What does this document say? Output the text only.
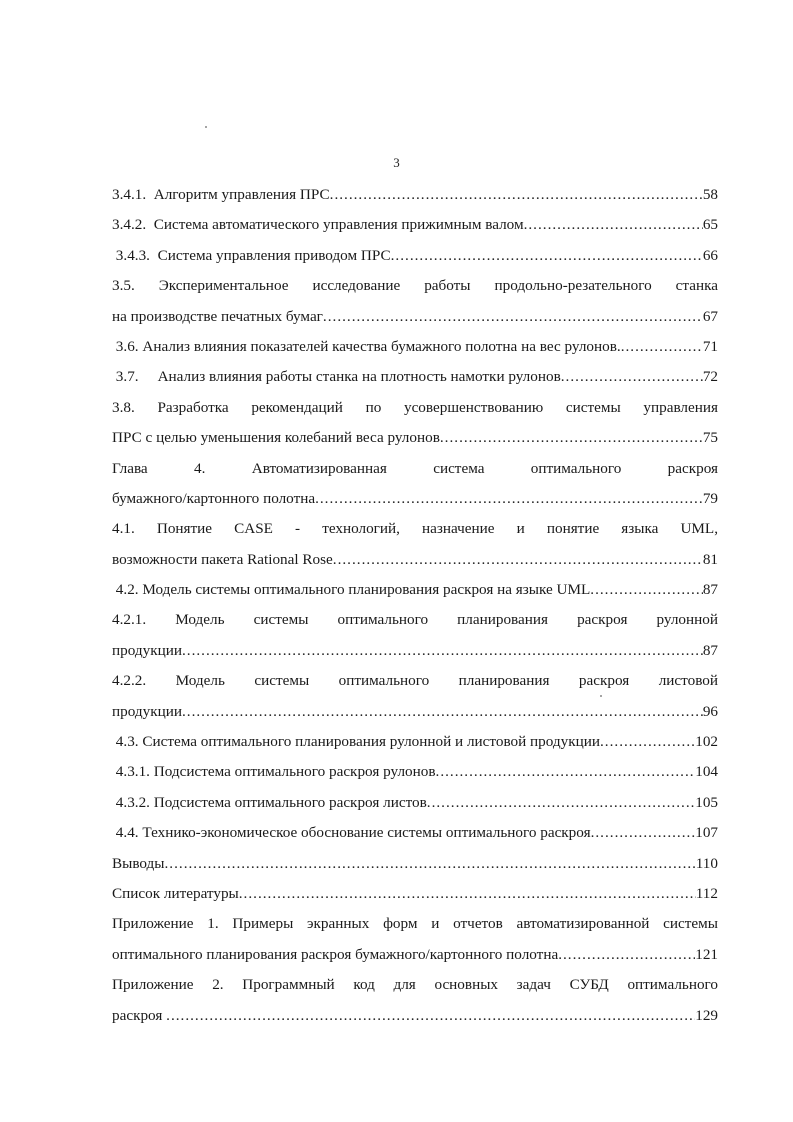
3
3.4.1.  Алгоритм управления ПРС .....	58
3.4.2.  Система автоматического управления прижимным валом .....	65
3.4.3.  Система управления приводом ПРС .....	66
3.5. Экспериментальное исследование работы продольно-резательного станка
на производстве печатных бумаг .....	67
3.6. Анализ влияния показателей качества бумажного полотна на вес рулонов. .....	71
3.7.     Анализ влияния работы станка на плотность намотки рулонов .....	72
3.8. Разработка рекомендаций по усовершенствованию системы управления
ПРС с целью уменьшения колебаний веса рулонов .....	75
Глава 4. Автоматизированная система оптимального раскроя
бумажного/картонного полотна .....	79
4.1. Понятие CASE - технологий, назначение и понятие языка UML,
возможности пакета Rational Rose .....	81
4.2. Модель системы оптимального планирования раскроя на языке UML .....	87
4.2.1. Модель системы оптимального планирования раскроя рулонной
продукции .....	87
4.2.2. Модель системы оптимального планирования раскроя листовой
продукции .....	96
4.3. Система оптимального планирования рулонной и листовой продукции .....	102
4.3.1. Подсистема оптимального раскроя рулонов .....	104
4.3.2. Подсистема оптимального раскроя листов .....	105
4.4. Технико-экономическое обоснование системы оптимального раскроя .....	107
Выводы .....	110
Список литературы .....	112
Приложение 1. Примеры экранных форм и отчетов автоматизированной системы
оптимального планирования раскроя бумажного/картонного полотна .....	121
Приложение 2. Программный код для основных задач СУБД оптимального
раскроя .....	129
